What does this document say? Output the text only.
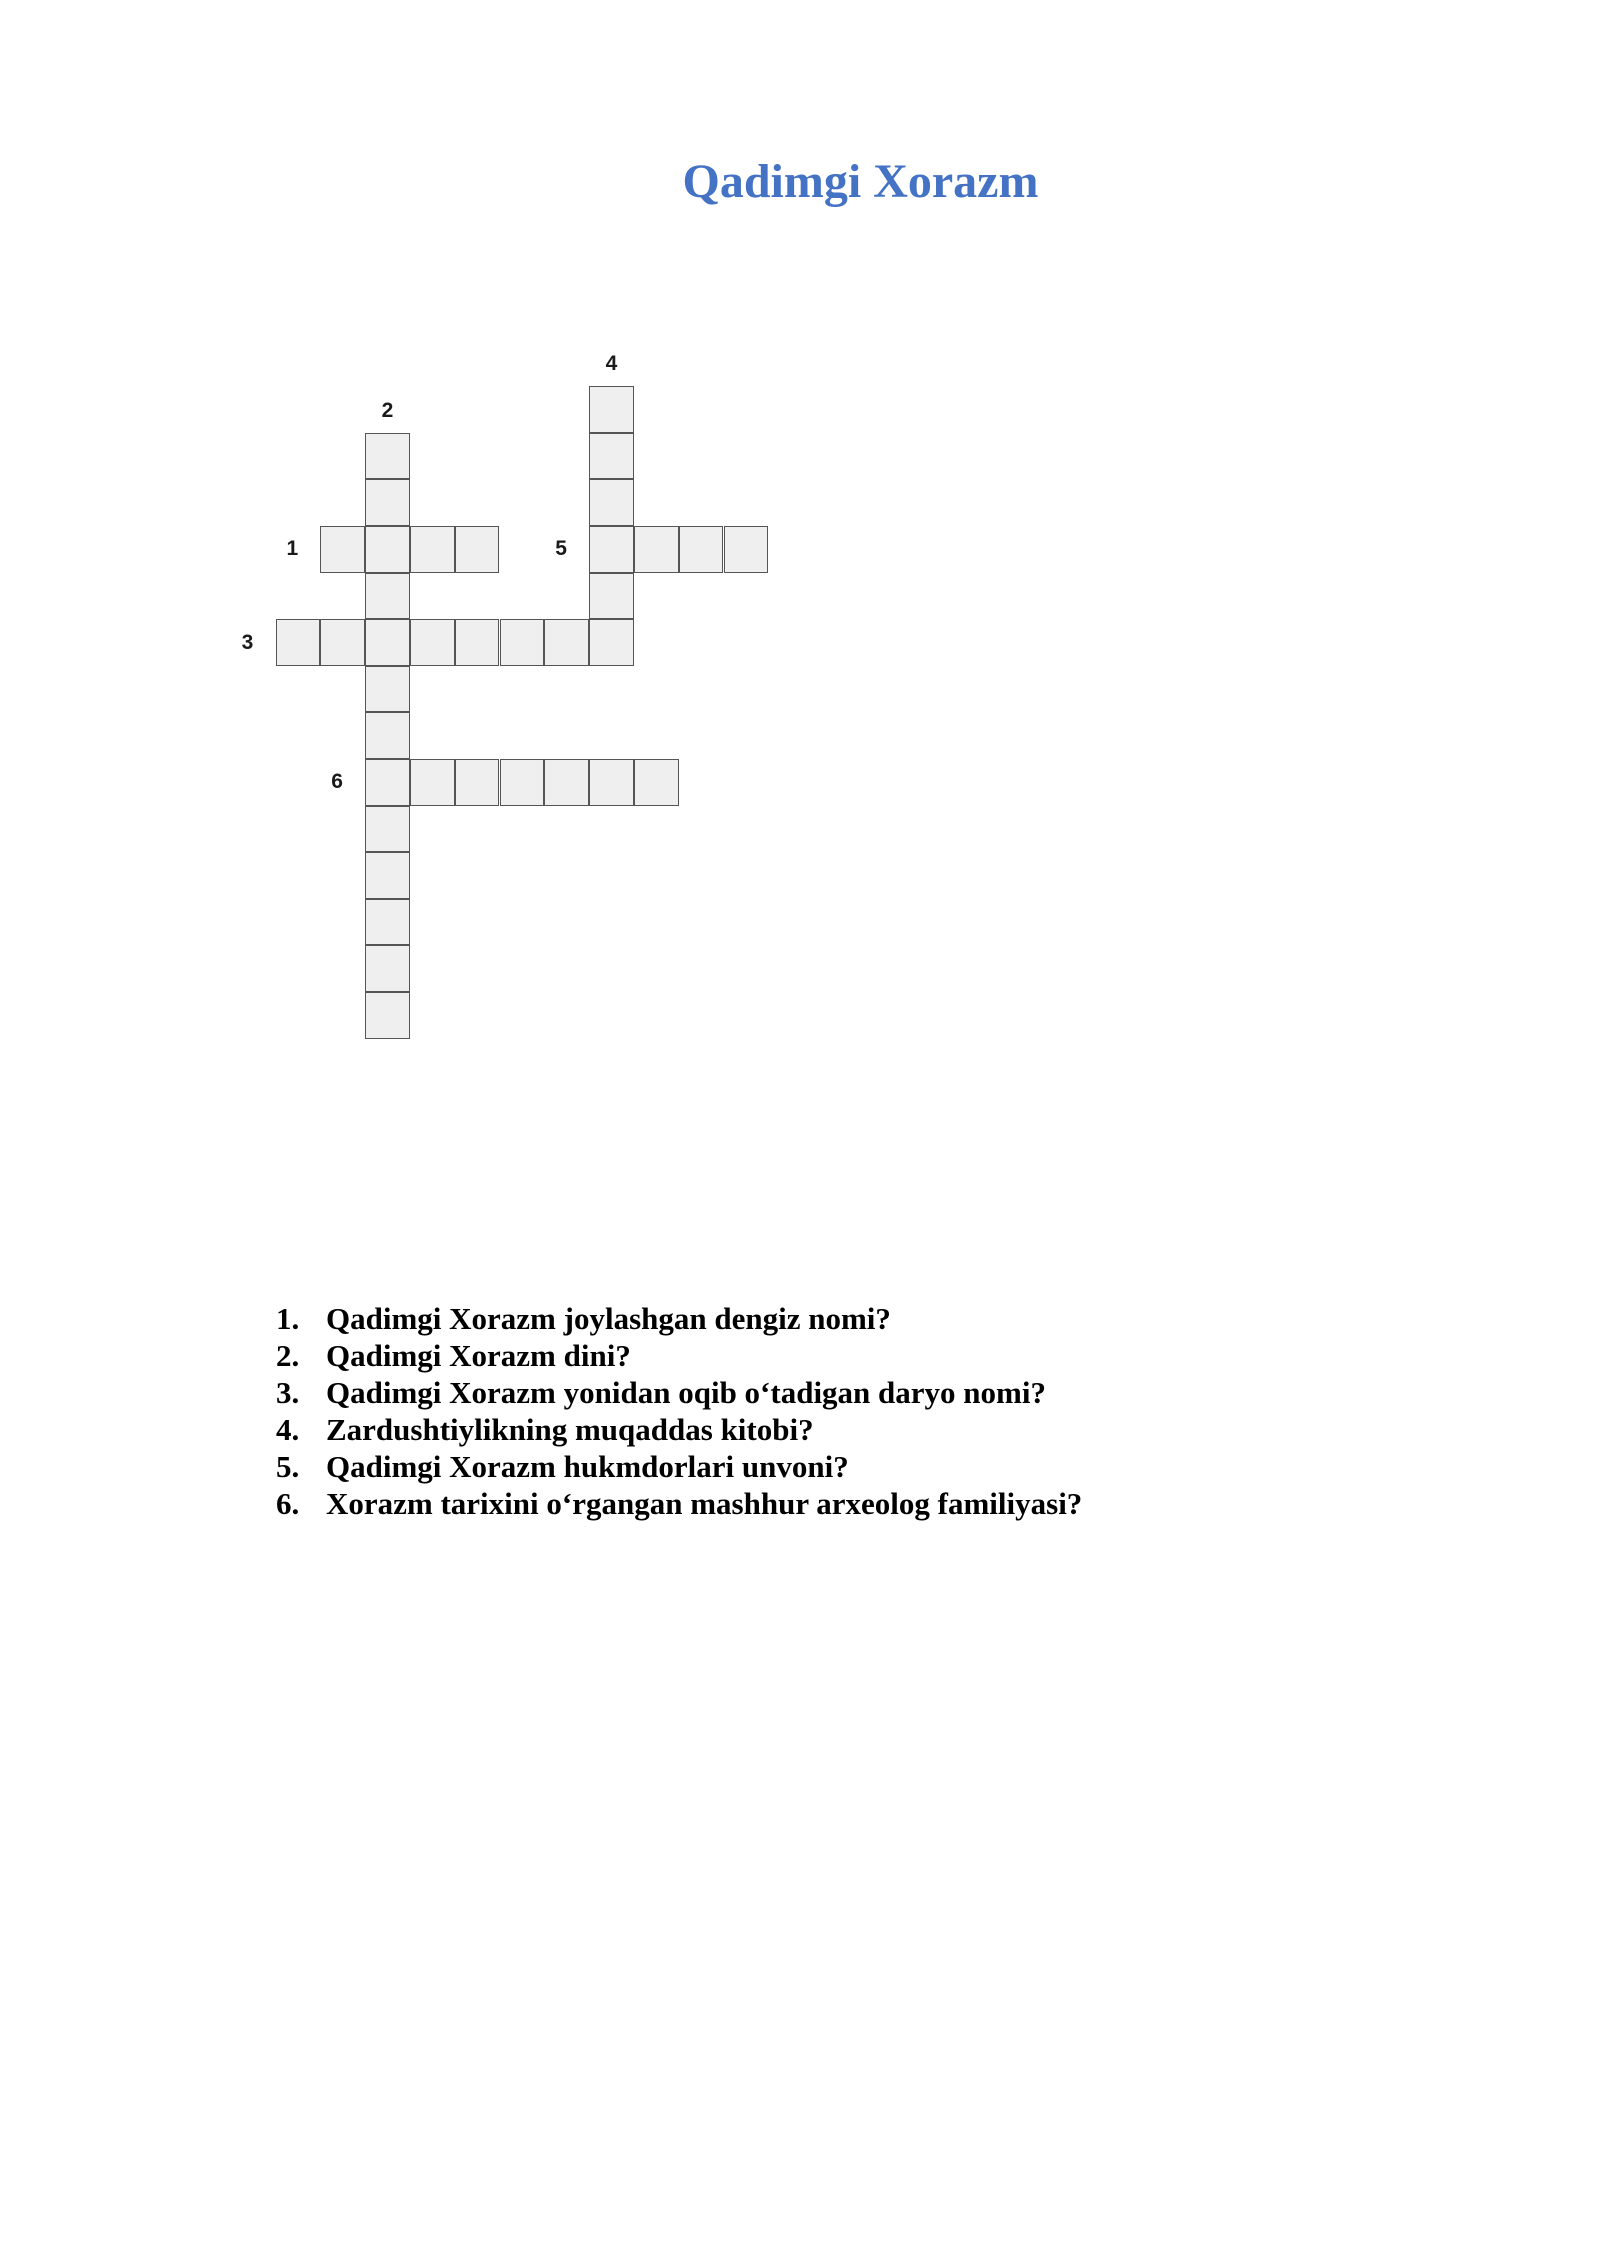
Qadimgi Xorazm
1
2
3
4
5
6
1. Qadimgi Xorazm joylashgan dengiz nomi?
2. Qadimgi Xorazm dini?
3. Qadimgi Xorazm yonidan oqib o‘tadigan daryo nomi?
4. Zardushtiylikning muqaddas kitobi?
5. Qadimgi Xorazm hukmdorlari unvoni?
6. Xorazm tarixini o‘rgangan mashhur arxeolog familiyasi?
